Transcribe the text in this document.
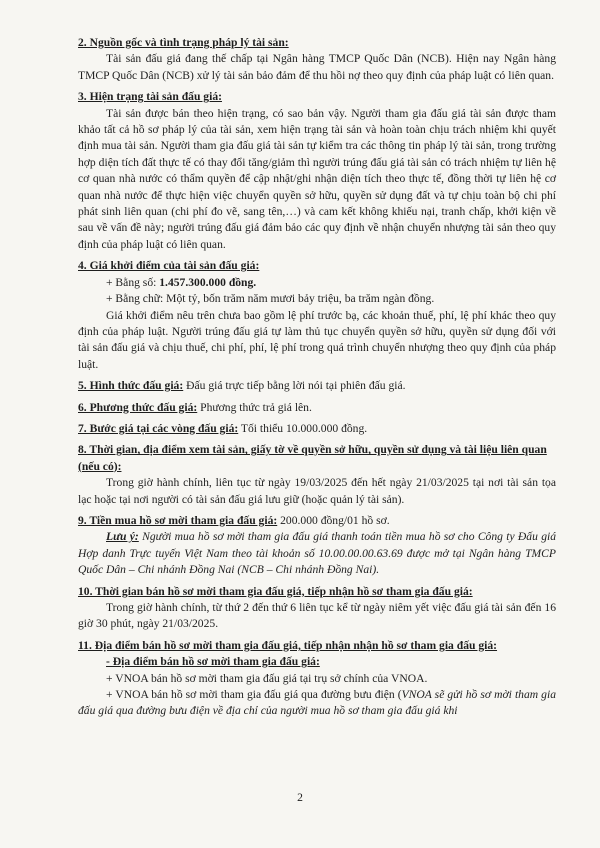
2. Nguồn gốc và tình trạng pháp lý tài sản:
Tài sản đấu giá đang thế chấp tại Ngân hàng TMCP Quốc Dân (NCB). Hiện nay Ngân hàng TMCP Quốc Dân (NCB) xử lý tài sản bảo đảm để thu hồi nợ theo quy định của pháp luật có liên quan.
3. Hiện trạng tài sản đấu giá:
Tài sản được bán theo hiện trạng, có sao bản vậy. Người tham gia đấu giá tài sản được tham khảo tất cả hồ sơ pháp lý của tài sản, xem hiện trạng tài sản và hoàn toàn chịu trách nhiệm khi quyết định mua tài sản. Người tham gia đấu giá tài sản tự kiểm tra các thông tin pháp lý tài sản, trong trường hợp diện tích đất thực tế có thay đổi tăng/giảm thì người trúng đấu giá tài sản có trách nhiệm tự liên hệ cơ quan nhà nước có thẩm quyền để cập nhật/ghi nhận diện tích theo thực tế, đồng thời tự liên hệ cơ quan nhà nước để thực hiện việc chuyển quyền sở hữu, quyền sử dụng đất và tự chịu toàn bộ chi phí phát sinh liên quan (chi phí đo vẽ, sang tên,…) và cam kết không khiếu nại, tranh chấp, khởi kiện về sau về vấn đề này; người trúng đấu giá đảm bảo các quy định về nhận chuyển nhượng tài sản theo quy định của pháp luật có liên quan.
4. Giá khởi điểm của tài sản đấu giá:
+ Bằng số: 1.457.300.000 đồng.
+ Bằng chữ: Một tỷ, bốn trăm năm mươi bảy triệu, ba trăm ngàn đồng.
Giá khởi điểm nêu trên chưa bao gồm lệ phí trước bạ, các khoản thuế, phí, lệ phí khác theo quy định của pháp luật. Người trúng đấu giá tự làm thủ tục chuyển quyền sở hữu, quyền sử dụng đối với tài sản đấu giá và chịu thuế, chi phí, phí, lệ phí trong quá trình chuyển nhượng theo quy định của pháp luật.
5. Hình thức đấu giá: Đấu giá trực tiếp bằng lời nói tại phiên đấu giá.
6. Phương thức đấu giá: Phương thức trả giá lên.
7. Bước giá tại các vòng đấu giá: Tối thiểu 10.000.000 đồng.
8. Thời gian, địa điểm xem tài sản, giấy tờ về quyền sở hữu, quyền sử dụng và tài liệu liên quan (nếu có):
Trong giờ hành chính, liên tục từ ngày 19/03/2025 đến hết ngày 21/03/2025 tại nơi tài sản tọa lạc hoặc tại nơi người có tài sản đấu giá lưu giữ (hoặc quản lý tài sản).
9. Tiền mua hồ sơ mời tham gia đấu giá: 200.000 đồng/01 hồ sơ.
Lưu ý: Người mua hồ sơ mời tham gia đấu giá thanh toán tiền mua hồ sơ cho Công ty Đấu giá Hợp danh Trực tuyến Việt Nam theo tài khoản số 10.00.00.00.63.69 được mở tại Ngân hàng TMCP Quốc Dân – Chi nhánh Đồng Nai (NCB – Chi nhánh Đồng Nai).
10. Thời gian bán hồ sơ mời tham gia đấu giá, tiếp nhận hồ sơ tham gia đấu giá:
Trong giờ hành chính, từ thứ 2 đến thứ 6 liên tục kể từ ngày niêm yết việc đấu giá tài sản đến 16 giờ 30 phút, ngày 21/03/2025.
11. Địa điểm bán hồ sơ mời tham gia đấu giá, tiếp nhận nhận hồ sơ tham gia đấu giá:
- Địa điểm bán hồ sơ mời tham gia đấu giá:
+ VNOA bán hồ sơ mời tham gia đấu giá tại trụ sở chính của VNOA.
+ VNOA bán hồ sơ mời tham gia đấu giá qua đường bưu điện (VNOA sẽ gửi hồ sơ mời tham gia đấu giá qua đường bưu điện về địa chỉ của người mua hồ sơ tham gia đấu giá khi
2
